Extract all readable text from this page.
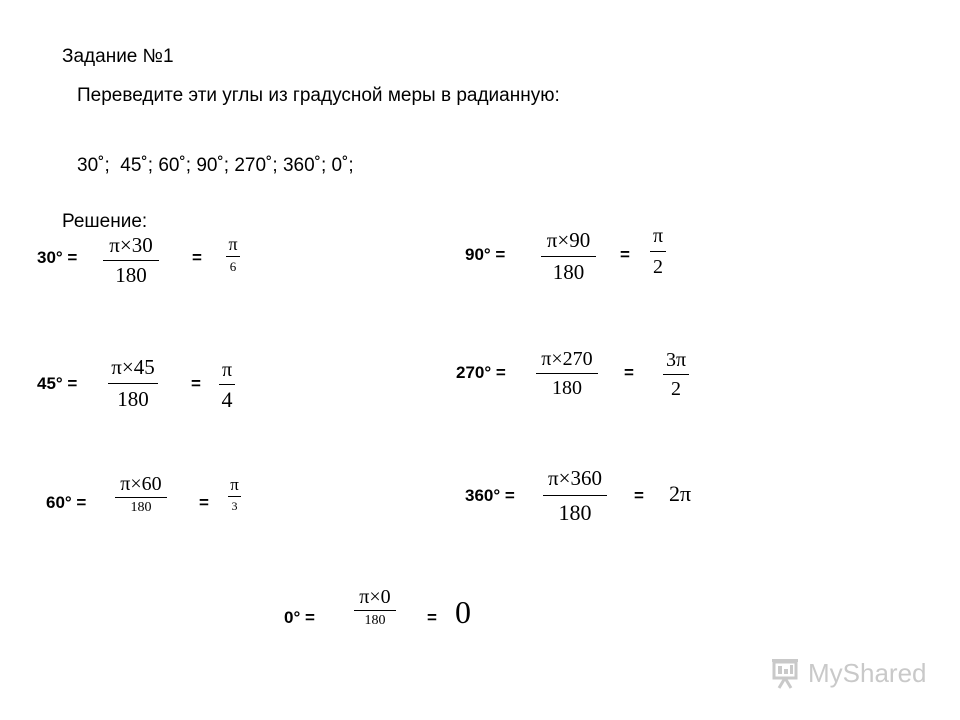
Задание №1
Переведите эти углы из градусной меры в радианную:
30˚;  45˚; 60˚; 90˚; 270˚; 360˚; 0˚;
Решение:
30° =
π×30
180
=
π
6
45° =
π×45
180
=
π
4
60° =
π×60
180	=
π
3
90° =
π×90
180
=
π
2
270° =
π×270
180
=
3π
2
360° =
π×360
180
= 2π
0° =
π×0
180	= 0
MyShared
